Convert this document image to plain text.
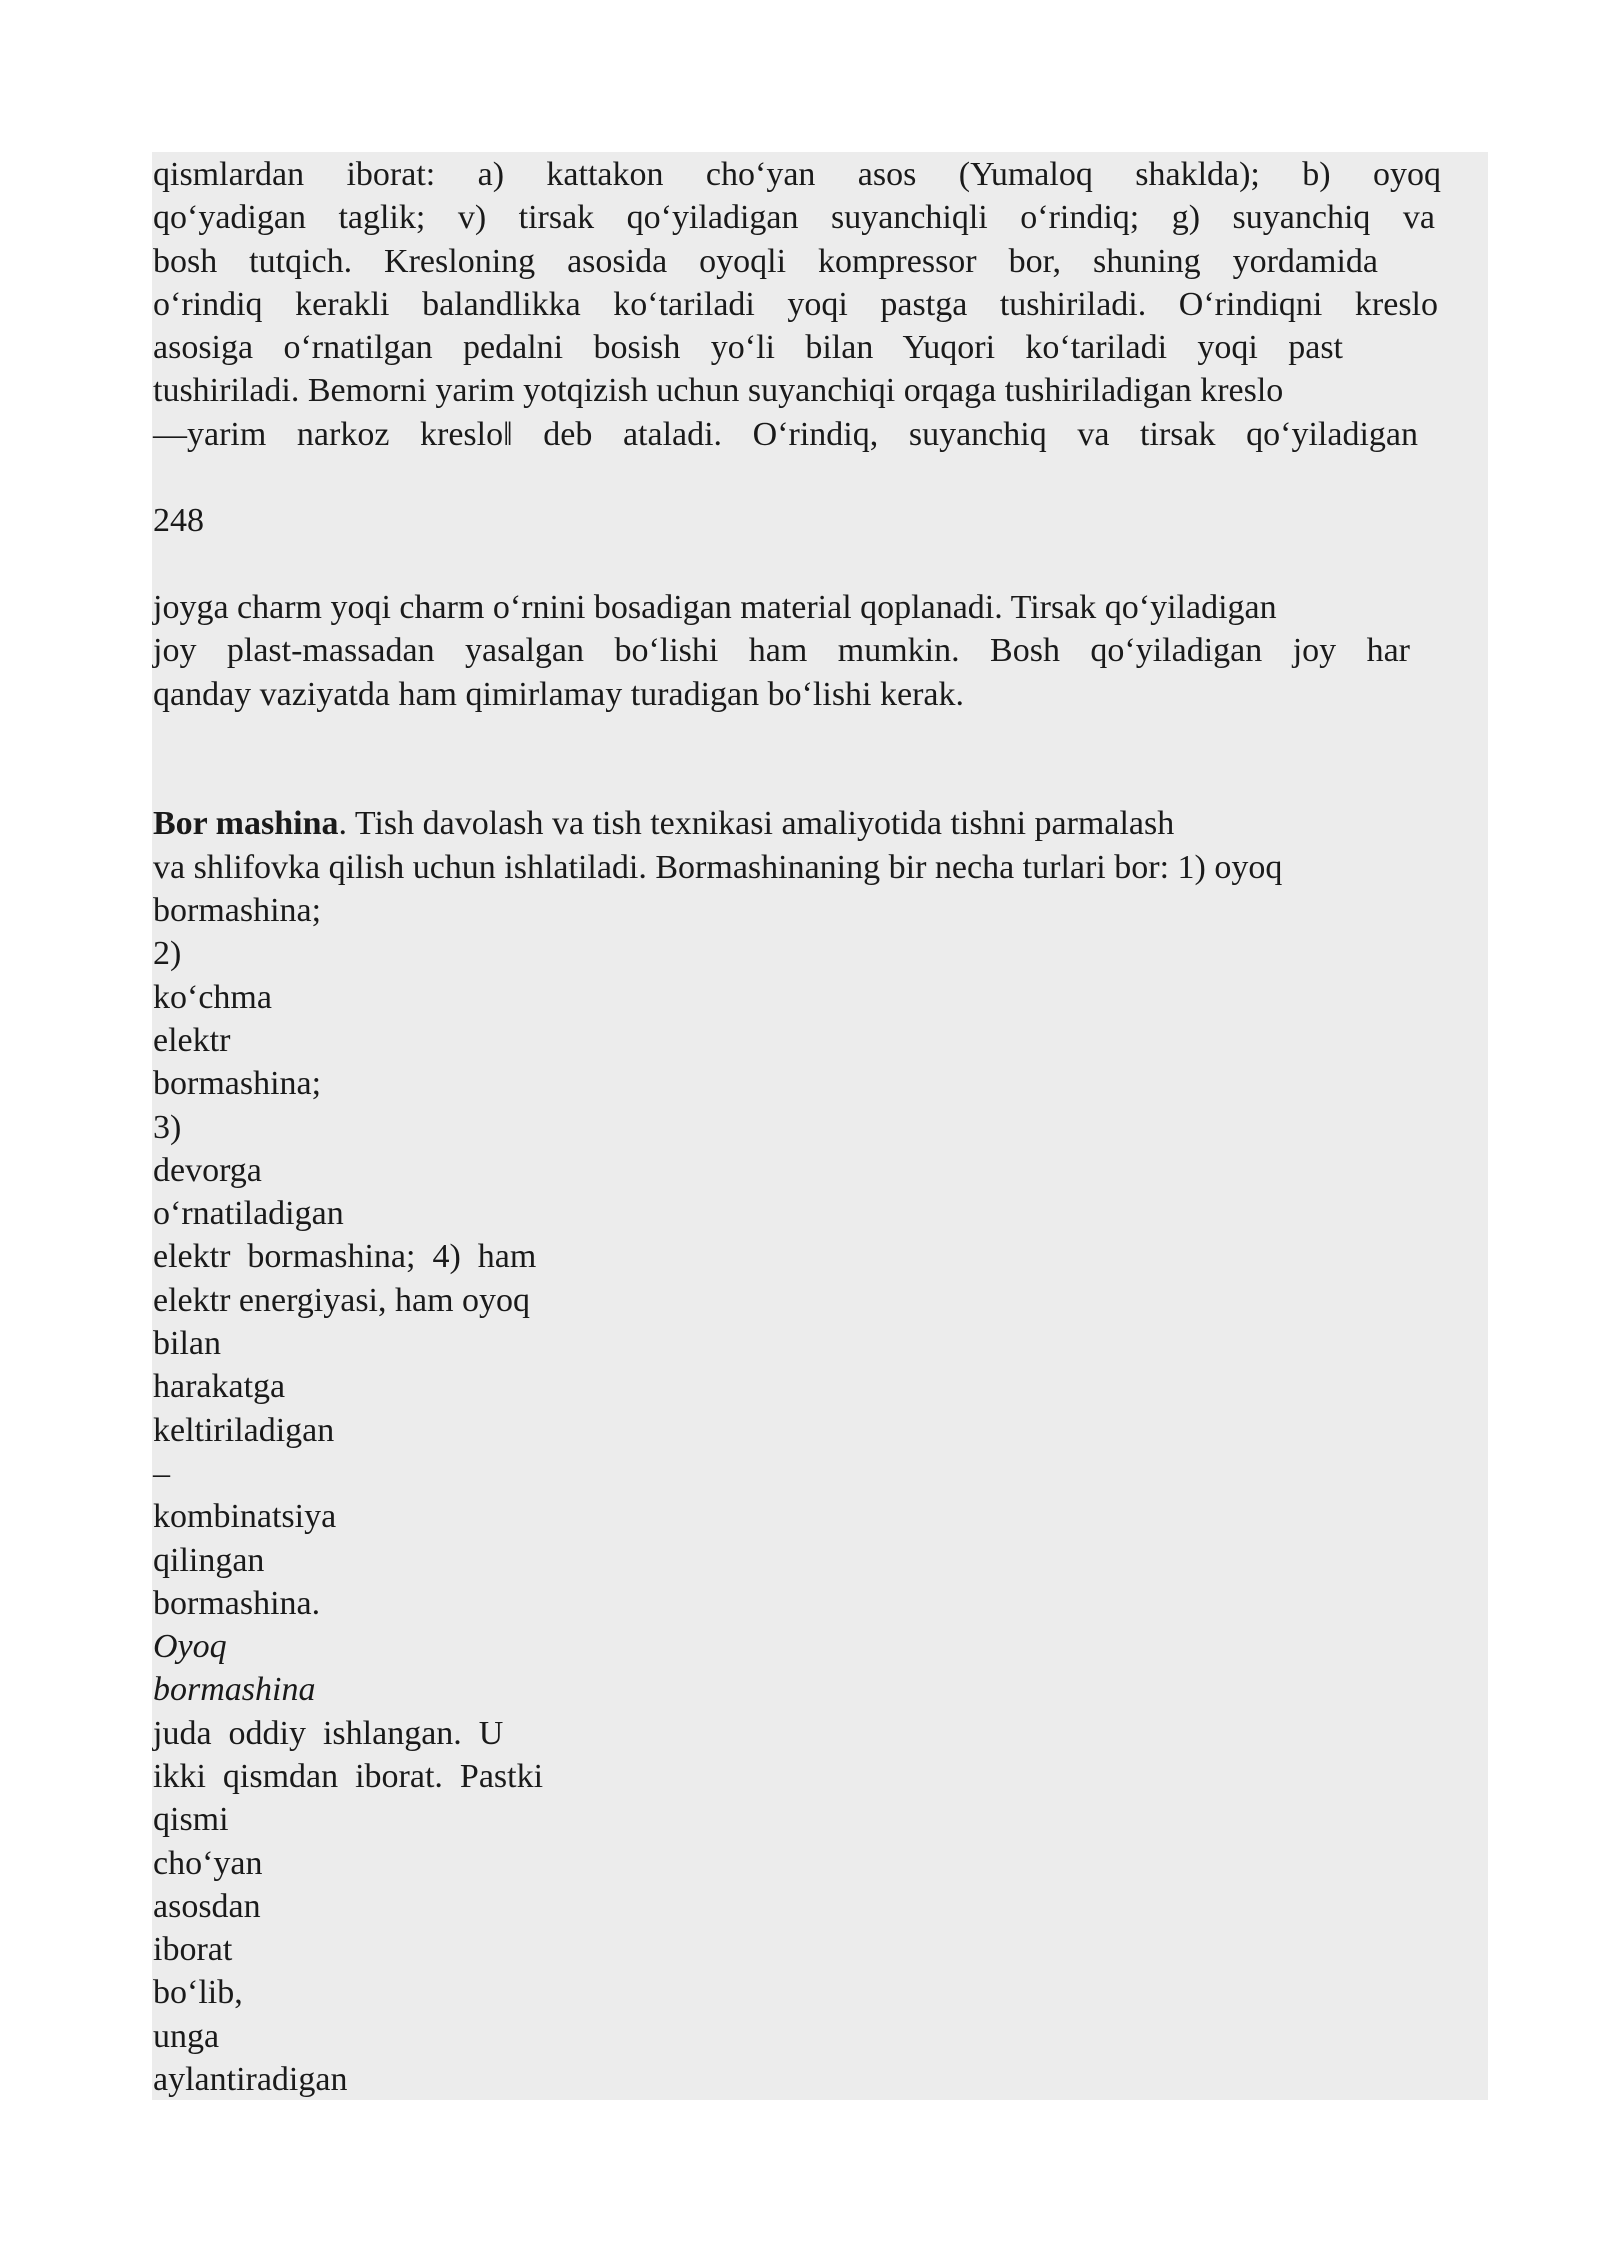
qismlardan iborat: a) kattakon cho‘yan asos (Yumaloq shaklda); b) oyoq
qo‘yadigan taglik; v) tirsak qo‘yiladigan suyanchiqli o‘rindiq; g) suyanchiq va
bosh tutqich. Kresloning asosida oyoqli kompressor bor, shuning yordamida
o‘rindiq kerakli balandlikka ko‘tariladi yoqi pastga tushiriladi. O‘rindiqni kreslo
asosiga o‘rnatilgan pedalni bosish yo‘li bilan Yuqori ko‘tariladi yoqi past
tushiriladi. Bemorni yarim yotqizish uchun suyanchiqi orqaga tushiriladigan kreslo
—yarim narkoz kreslo‖ deb ataladi. O‘rindiq, suyanchiq va tirsak qo‘yiladigan
248
joyga charm yoqi charm o‘rnini bosadigan material qoplanadi. Tirsak qo‘yiladigan
joy plast-massadan yasalgan bo‘lishi ham mumkin. Bosh qo‘yiladigan joy har
qanday vaziyatda ham qimirlamay turadigan bo‘lishi kerak.
Bor mashina. Tish davolash va tish texnikasi amaliyotida tishni parmalash
va shlifovka qilish uchun ishlatiladi. Bormashinaning bir necha turlari bor: 1) oyoq
bormashina;
2)
ko‘chma
elektr
bormashina;
3)
devorga
o‘rnatiladigan
elektr  bormashina;  4)  ham
elektr energiyasi, ham oyoq
bilan
harakatga
keltiriladigan
–
kombinatsiya
qilingan
bormashina.
Oyoq
bormashina
juda  oddiy  ishlangan.  U
ikki  qismdan  iborat.  Pastki
qismi
cho‘yan
asosdan
iborat
bo‘lib,
unga
aylantiradigan
